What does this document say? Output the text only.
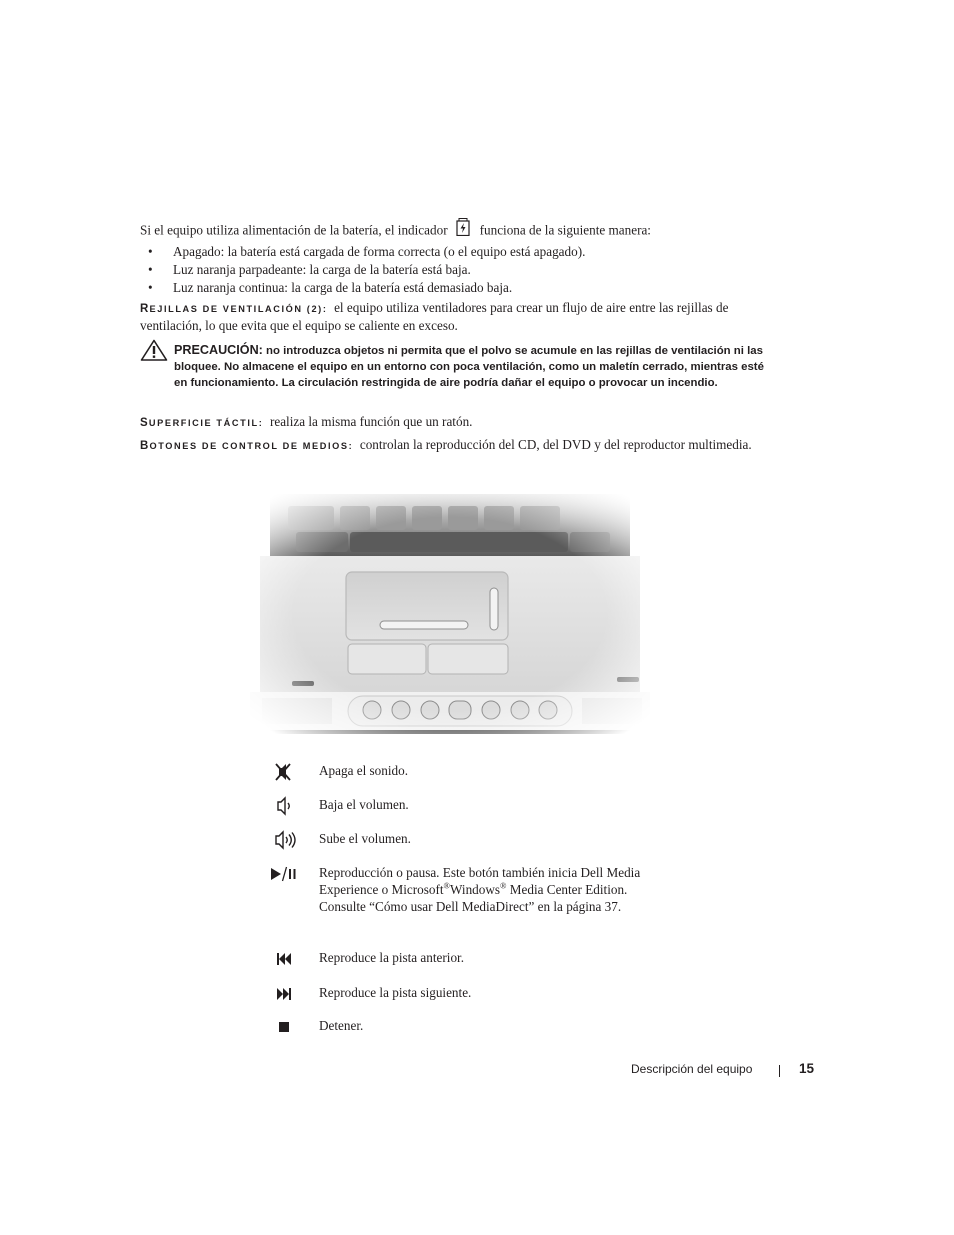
Si el equipo utiliza alimentación de la batería, el indicador funciona de la siguiente manera:
• Apagado: la batería está cargada de forma correcta (o el equipo está apagado).
• Luz naranja parpadeante: la carga de la batería está baja.
• Luz naranja continua: la carga de la batería está demasiado baja.
REJILLAS DE VENTILACIÓN (2): el equipo utiliza ventiladores para crear un flujo de aire entre las rejillas de ventilación, lo que evita que el equipo se caliente en exceso.
PRECAUCIÓN: no introduzca objetos ni permita que el polvo se acumule en las rejillas de ventilación ni las bloquee. No almacene el equipo en un entorno con poca ventilación, como un maletín cerrado, mientras esté en funcionamiento. La circulación restringida de aire podría dañar el equipo o provocar un incendio.
SUPERFICIE TÁCTIL: realiza la misma función que un ratón.
BOTONES DE CONTROL DE MEDIOS: controlan la reproducción del CD, del DVD y del reproductor multimedia.
Apaga el sonido.
Baja el volumen.
Sube el volumen.
Reproducción o pausa. Este botón también inicia Dell Media Experience o Microsoft®Windows® Media Center Edition. Consulte “Cómo usar Dell MediaDirect” en la página 37.
Reproduce la pista anterior.
Reproduce la pista siguiente.
Detener.
Descripción del equipo	15
